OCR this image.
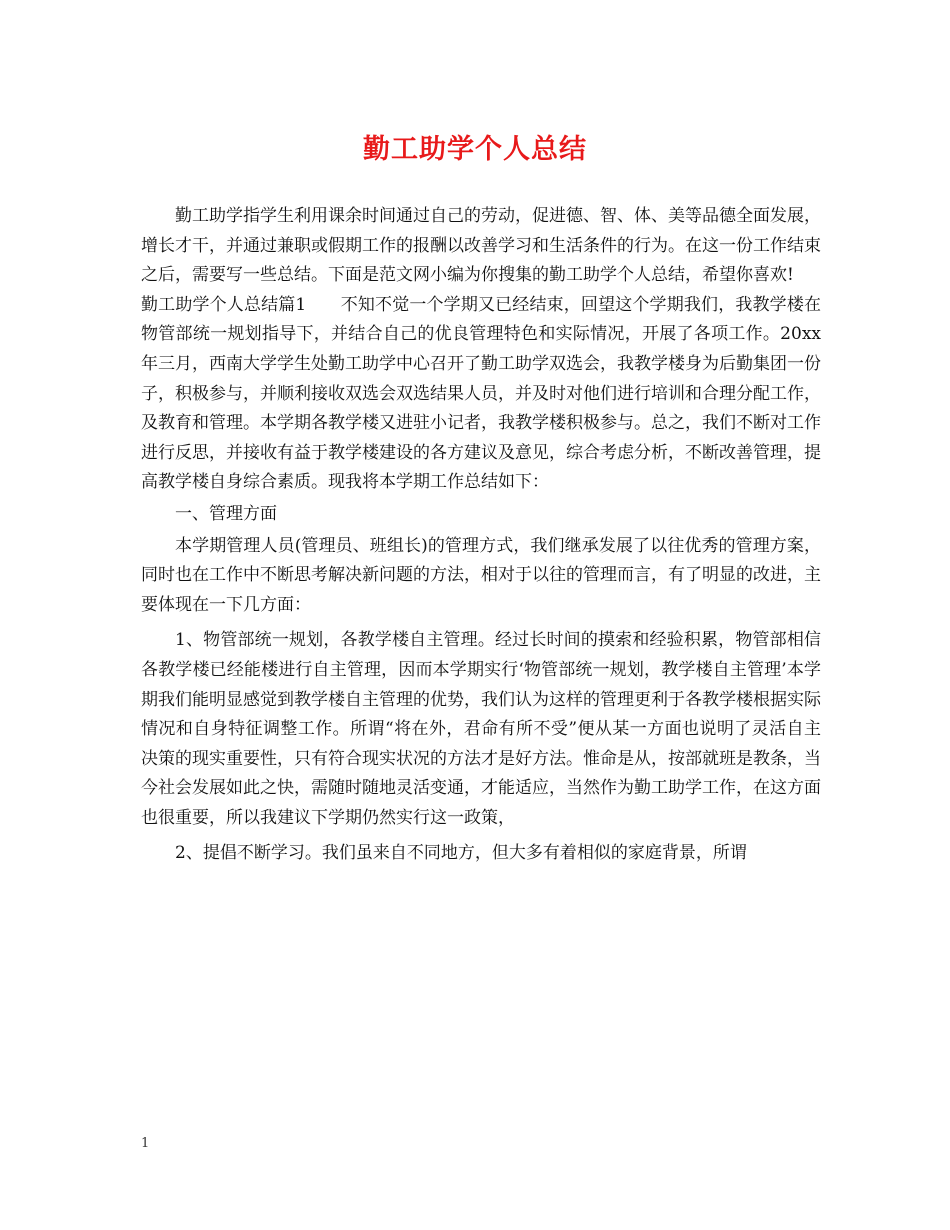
勤工助学个人总结

勤工助学指学生利用课余时间通过自己的劳动，促进德、智、体、美等品德全面发展，增长才干，并通过兼职或假期工作的报酬以改善学习和生活条件的行为。在这一份工作结束之后，需要写一些总结。下面是范文网小编为你搜集的勤工助学个人总结，希望你喜欢!

勤工助学个人总结篇1　　不知不觉一个学期又已经结束，回望这个学期我们，我教学楼在物管部统一规划指导下，并结合自己的优良管理特色和实际情况，开展了各项工作。20xx年三月，西南大学学生处勤工助学中心召开了勤工助学双选会，我教学楼身为后勤集团一份子，积极参与，并顺利接收双选会双选结果人员，并及时对他们进行培训和合理分配工作，及教育和管理。本学期各教学楼又进驻小记者，我教学楼积极参与。总之，我们不断对工作进行反思，并接收有益于教学楼建设的各方建议及意见，综合考虑分析，不断改善管理，提高教学楼自身综合素质。现我将本学期工作总结如下：

一、管理方面

本学期管理人员(管理员、班组长)的管理方式，我们继承发展了以往优秀的管理方案，同时也在工作中不断思考解决新问题的方法，相对于以往的管理而言，有了明显的改进，主要体现在一下几方面：

1、物管部统一规划，各教学楼自主管理。经过长时间的摸索和经验积累，物管部相信各教学楼已经能楼进行自主管理，因而本学期实行‘物管部统一规划，教学楼自主管理’本学期我们能明显感觉到教学楼自主管理的优势，我们认为这样的管理更利于各教学楼根据实际情况和自身特征调整工作。所谓“将在外，君命有所不受”便从某一方面也说明了灵活自主决策的现实重要性，只有符合现实状况的方法才是好方法。惟命是从，按部就班是教条，当今社会发展如此之快，需随时随地灵活变通，才能适应，当然作为勤工助学工作，在这方面也很重要，所以我建议下学期仍然实行这一政策，

2、提倡不断学习。我们虽来自不同地方，但大多有着相似的家庭背景，所谓

1
